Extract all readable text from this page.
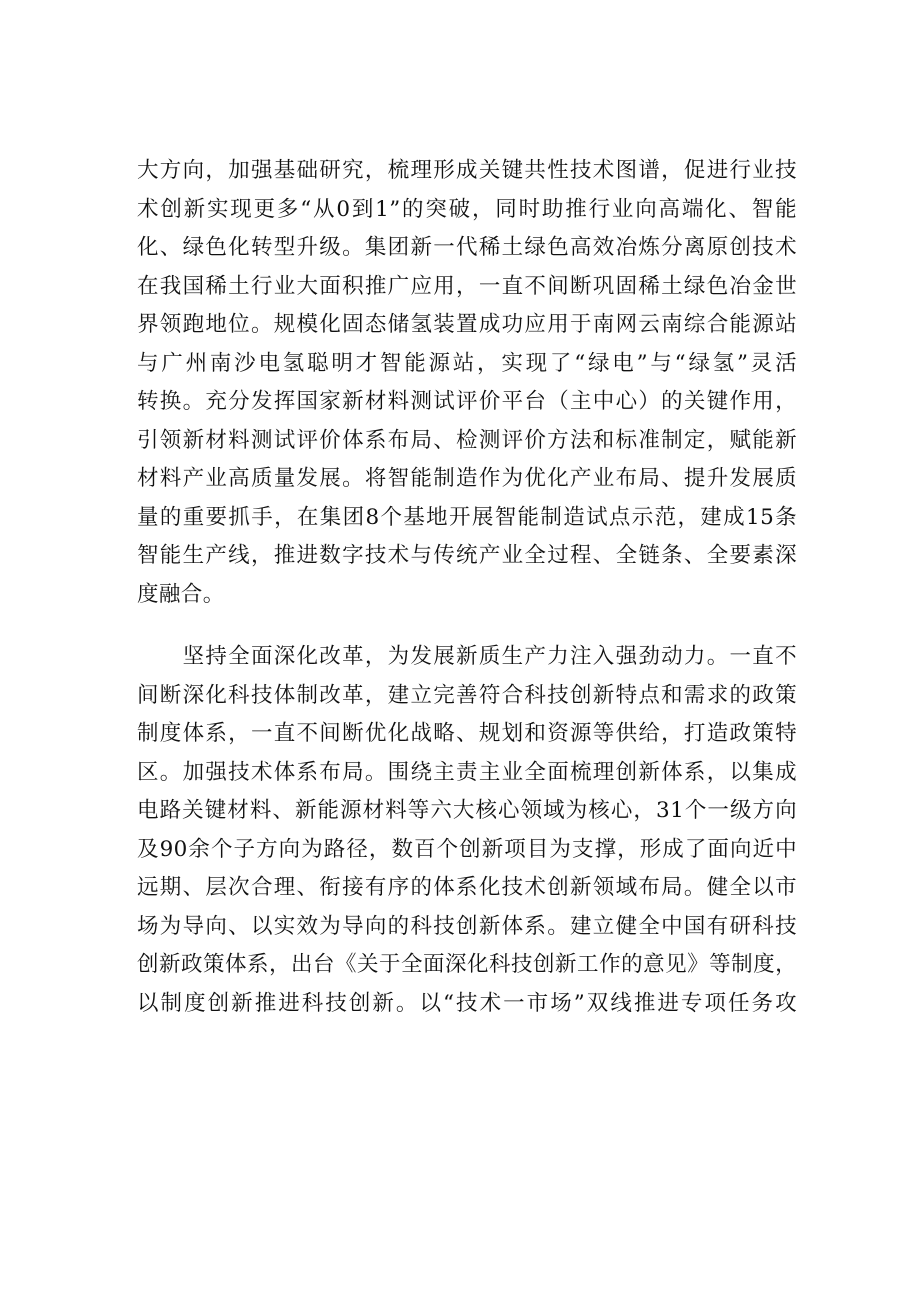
大方向，加强基础研究，梳理形成关键共性技术图谱，促进行业技
术创新实现更多“从0到1”的突破，同时助推行业向高端化、智能
化、绿色化转型升级。集团新一代稀土绿色高效冶炼分离原创技术
在我国稀土行业大面积推广应用，一直不间断巩固稀土绿色冶金世
界领跑地位。规模化固态储氢装置成功应用于南网云南综合能源站
与广州南沙电氢聪明才智能源站，实现了“绿电”与“绿氢”灵活
转换。充分发挥国家新材料测试评价平台（主中心）的关键作用，
引领新材料测试评价体系布局、检测评价方法和标准制定，赋能新
材料产业高质量发展。将智能制造作为优化产业布局、提升发展质
量的重要抓手，在集团8个基地开展智能制造试点示范，建成15条
智能生产线，推进数字技术与传统产业全过程、全链条、全要素深
度融合。
　　坚持全面深化改革，为发展新质生产力注入强劲动力。一直不
间断深化科技体制改革，建立完善符合科技创新特点和需求的政策
制度体系，一直不间断优化战略、规划和资源等供给，打造政策特
区。加强技术体系布局。围绕主责主业全面梳理创新体系，以集成
电路关键材料、新能源材料等六大核心领域为核心，31个一级方向
及90余个子方向为路径，数百个创新项目为支撑，形成了面向近中
远期、层次合理、衔接有序的体系化技术创新领域布局。健全以市
场为导向、以实效为导向的科技创新体系。建立健全中国有研科技
创新政策体系，出台《关于全面深化科技创新工作的意见》等制度，
以制度创新推进科技创新。以“技术一市场”双线推进专项任务攻
